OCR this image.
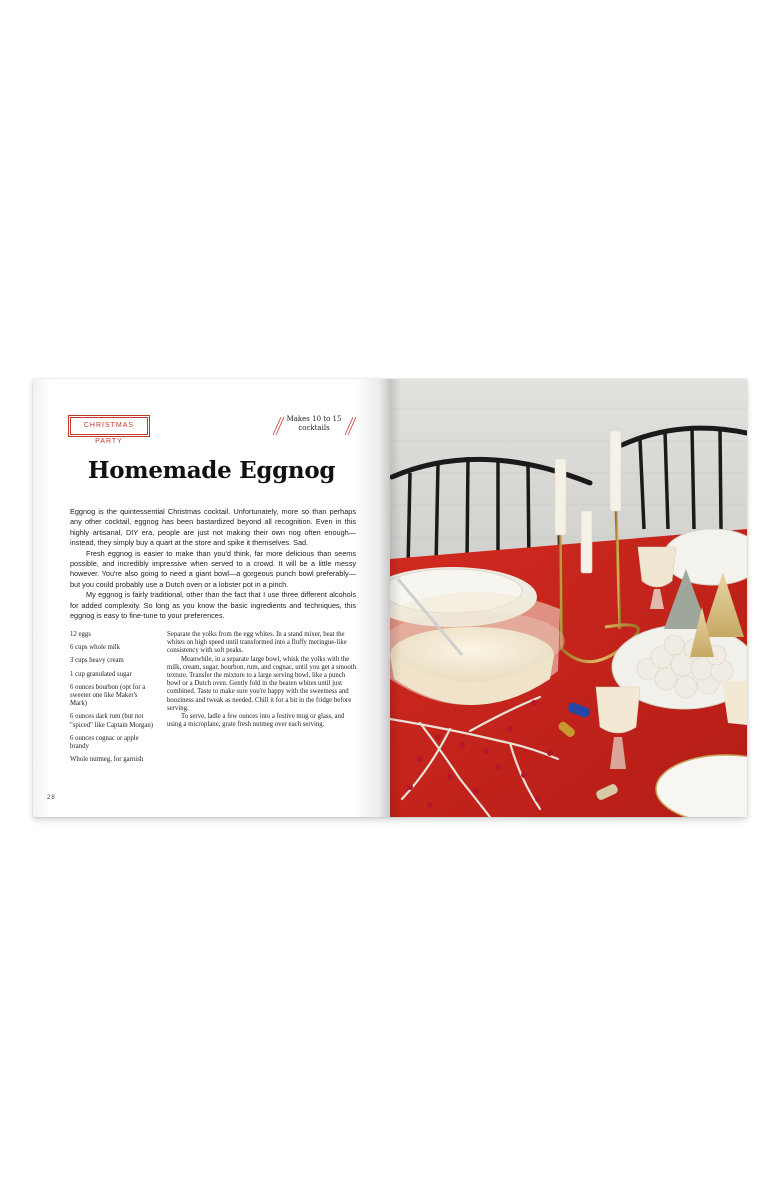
CHRISTMAS PARTY
Makes 10 to 15
cocktails
Homemade Eggnog

Eggnog is the quintessential Christmas cocktail. Unfortunately, more so than perhaps any other cocktail, eggnog has been bastardized beyond all recognition. Even in this highly artisanal, DIY era, people are just not making their own nog often enough—instead, they simply buy a quart at the store and spike it themselves. Sad.

Fresh eggnog is easier to make than you'd think, far more delicious than seems possible, and incredibly impressive when served to a crowd. It will be a little messy however. You're also going to need a giant bowl—a gorgeous punch bowl preferably—but you could probably use a Dutch oven or a lobster pot in a pinch.

My eggnog is fairly traditional, other than the fact that I use three different alcohols for added complexity. So long as you know the basic ingredients and techniques, this eggnog is easy to fine-tune to your preferences.

12 eggs
6 cups whole milk
3 cups heavy cream
1 cup granulated sugar
6 ounces bourbon (opt for a sweeter one like Maker's Mark)
6 ounces dark rum (but not "spiced" like Captain Morgan)
6 ounces cognac or apple brandy
Whole nutmeg, for garnish

Separate the yolks from the egg whites. In a stand mixer, beat the whites on high speed until transformed into a fluffy meringue-like consistency with soft peaks.

Meanwhile, in a separate large bowl, whisk the yolks with the milk, cream, sugar, bourbon, rum, and cognac, until you get a smooth texture. Transfer the mixture to a large serving bowl, like a punch bowl or a Dutch oven. Gently fold in the beaten whites until just combined. Taste to make sure you're happy with the sweetness and booziness and tweak as needed. Chill it for a bit in the fridge before serving.

To serve, ladle a few ounces into a festive mug or glass, and using a microplane, grate fresh nutmeg over each serving.

28
